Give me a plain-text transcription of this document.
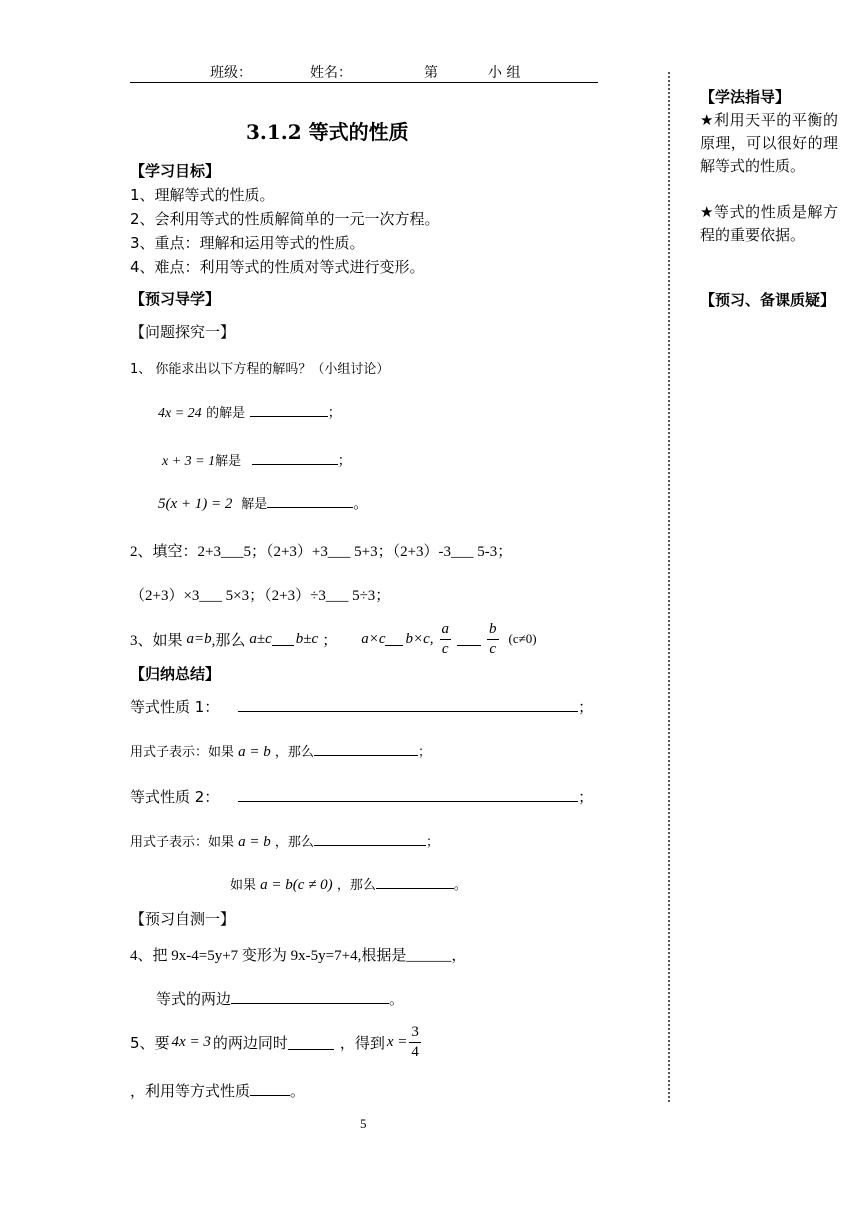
班级：	姓名：	第	小 组
3.1.2 等式的性质
【学习目标】
1、理解等式的性质。
2、会利用等式的性质解简单的一元一次方程。
3、重点：理解和运用等式的性质。
4、难点：利用等式的性质对等式进行变形。
【预习导学】
【问题探究一】
1、 你能求出以下方程的解吗？（小组讨论）
4x = 24 的解是	；
x + 3 = 1解是	；
5(x + 1) = 2 解是	。
2、填空：2+3___5；（2+3）+3___ 5+3；（2+3）-3___ 5-3；
（2+3）×3___ 5×3；（2+3）÷3___ 5÷3；
3、如果 a=b ,那么 a±c b±c ； a×c b×c, $\frac{a}{c} \frac{b}{c} (c\ne 0)$
【归纳总结】
等式性质 1：	；
用式子表示：如果 a = b ，那么	；
等式性质 2：	；
用式子表示：如果 a = b ，那么	；
如果 a = b(c ≠ 0) ，那么	。
【预习自测一】
4、把 9x-4=5y+7 变形为 9x-5y=7+4,根据是______，
等式的两边	。
5、要 4x = 3 的两边同时	，得到 $x = \frac{3}{4}$
，利用等方式性质	。
5
【学法指导】
★利用天平的平衡的原理，可以很好的理解等式的性质。
★等式的性质是解方程的重要依据。
【预习、备课质疑】
